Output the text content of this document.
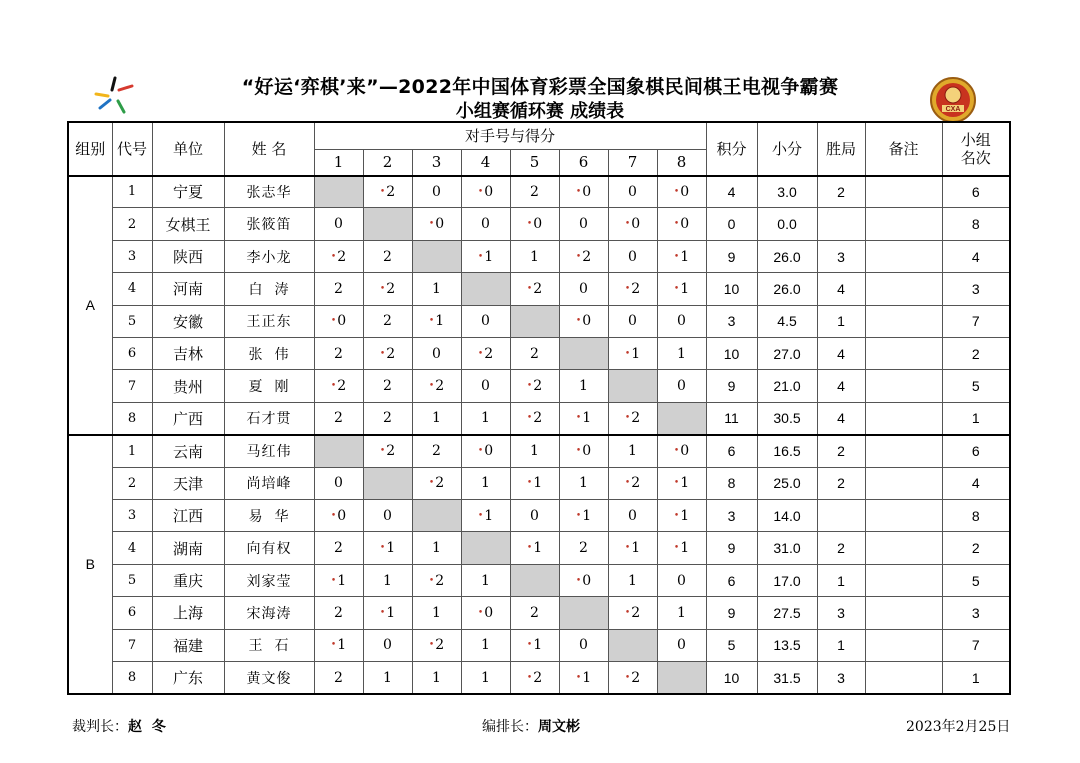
“好运‘弈棋’来”—2022年中国体育彩票全国象棋民间棋王电视争霸赛
小组赛循环赛 成绩表	CXA
组别	代号	单位	姓 名	对手号与得分								积分	小分	胜局	备注	小组
名次
				1	2	3	4	5	6	7	8					
A	1	宁夏	张志华		•2	0	•0	2	•0	0	•0	4	3.0	2		6
	2	女棋王	张筱笛	0		•0	0	•0	0	•0	•0	0	0.0			8
	3	陕西	李小龙	•2	2		•1	1	•2	0	•1	9	26.0	3		4
	4	河南	白  涛	2	•2	1		•2	0	•2	•1	10	26.0	4		3
	5	安徽	王正东	•0	2	•1	0		•0	0	0	3	4.5	1		7
	6	吉林	张  伟	2	•2	0	•2	2		•1	1	10	27.0	4		2
	7	贵州	夏  刚	•2	2	•2	0	•2	1		0	9	21.0	4		5
	8	广西	石才贯	2	2	1	1	•2	•1	•2		11	30.5	4		1
B	1	云南	马红伟		•2	2	•0	1	•0	1	•0	6	16.5	2		6
	2	天津	尚培峰	0		•2	1	•1	1	•2	•1	8	25.0	2		4
	3	江西	易  华	•0	0		•1	0	•1	0	•1	3	14.0			8
	4	湖南	向有权	2	•1	1		•1	2	•1	•1	9	31.0	2		2
	5	重庆	刘家莹	•1	1	•2	1		•0	1	0	6	17.0	1		5
	6	上海	宋海涛	2	•1	1	•0	2		•2	1	9	27.5	3		3
	7	福建	王  石	•1	0	•2	1	•1	0		0	5	13.5	1		7
	8	广东	黄文俊	2	1	1	1	•2	•1	•2		10	31.5	3		1
裁判长：赵  冬	编排长：周文彬	2023年2月25日
